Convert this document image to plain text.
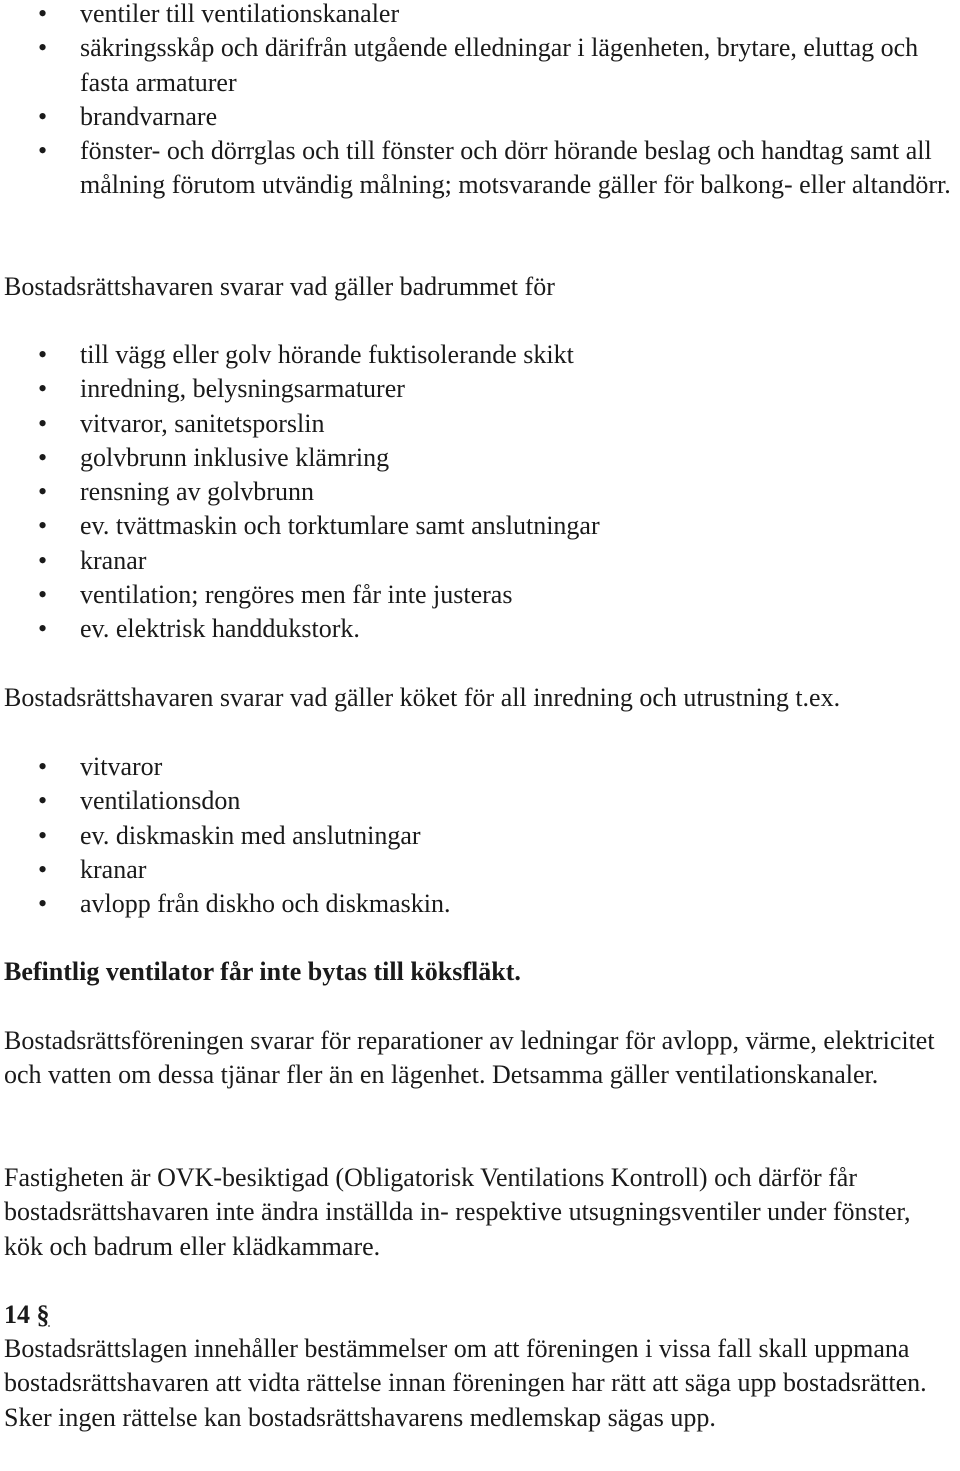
• ventiler till ventilationskanaler
• säkringsskåp och därifrån utgående elledningar i lägenheten, brytare, eluttag och fasta armaturer
• brandvarnare
• fönster- och dörrglas och till fönster och dörr hörande beslag och handtag samt all målning förutom utvändig målning; motsvarande gäller för balkong- eller altandörr.

Bostadsrättshavaren svarar vad gäller badrummet för

• till vägg eller golv hörande fuktisolerande skikt
• inredning, belysningsarmaturer
• vitvaror, sanitetsporslin
• golvbrunn inklusive klämring
• rensning av golvbrunn
• ev. tvättmaskin och torktumlare samt anslutningar
• kranar
• ventilation; rengöres men får inte justeras
• ev. elektrisk handdukstork.

Bostadsrättshavaren svarar vad gäller köket för all inredning och utrustning t.ex.

• vitvaror
• ventilationsdon
• ev. diskmaskin med anslutningar
• kranar
• avlopp från diskho och diskmaskin.

Befintlig ventilator får inte bytas till köksfläkt.

Bostadsrättsföreningen svarar för reparationer av ledningar för avlopp, värme, elektricitet och vatten om dessa tjänar fler än en lägenhet. Detsamma gäller ventilationskanaler.

Fastigheten är OVK-besiktigad (Obligatorisk Ventilations Kontroll) och därför får bostadsrättshavaren inte ändra inställda in- respektive utsugningsventiler under fönster, kök och badrum eller klädkammare.

14 §

Bostadsrättslagen innehåller bestämmelser om att föreningen i vissa fall skall uppmana bostadsrättshavaren att vidta rättelse innan föreningen har rätt att säga upp bostadsrätten. Sker ingen rättelse kan bostadsrättshavarens medlemskap sägas upp.
